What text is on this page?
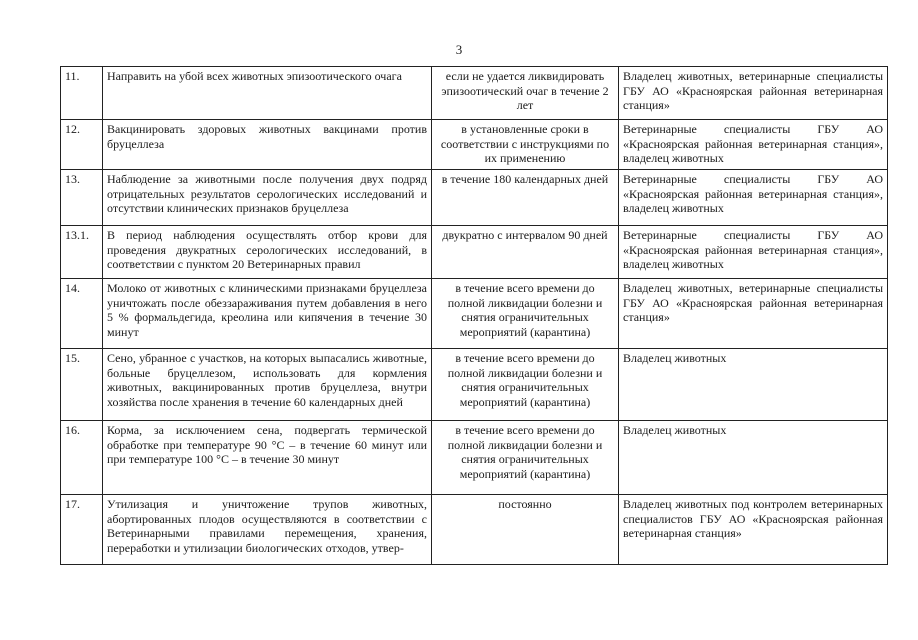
3
11.	Направить на убой всех животных эпизоотического очага	если не удается ликвидировать эпизоотический очаг в течение 2 лет	Владелец животных, ветеринарные специалисты ГБУ АО «Красноярская районная ветеринарная станция»
12.	Вакцинировать здоровых животных вакцинами против бруцеллеза	в установленные сроки в соответствии с инструкциями по их применению	Ветеринарные специалисты ГБУ АО «Красноярская районная ветеринарная станция», владелец животных
13.	Наблюдение за животными после получения двух подряд отрицательных результатов серологических исследований и отсутствии клинических признаков бруцеллеза	в течение 180 календарных дней	Ветеринарные специалисты ГБУ АО «Красноярская районная ветеринарная станция», владелец животных
13.1.	В период наблюдения осуществлять отбор крови для проведения двукратных серологических исследований, в соответствии с пунктом 20 Ветеринарных правил	двукратно с интервалом 90 дней	Ветеринарные специалисты ГБУ АО «Красноярская районная ветеринарная станция», владелец животных
14.	Молоко от животных с клиническими признаками бруцеллеза уничтожать после обеззараживания путем добавления в него 5 % формальдегида, креолина или кипячения в течение 30 минут	в течение всего времени до полной ликвидации болезни и снятия ограничительных мероприятий (карантина)	Владелец животных, ветеринарные специалисты ГБУ АО «Красноярская районная ветеринарная станция»
15.	Сено, убранное с участков, на которых выпасались животные, больные бруцеллезом, использовать для кормления животных, вакцинированных против бруцеллеза, внутри хозяйства после хранения в течение 60 календарных дней	в течение всего времени до полной ликвидации болезни и снятия ограничительных мероприятий (карантина)	Владелец животных
16.	Корма, за исключением сена, подвергать термической обработке при температуре 90 °С – в течение 60 минут или при температуре 100 °С – в течение 30 минут	в течение всего времени до полной ликвидации болезни и снятия ограничительных мероприятий (карантина)	Владелец животных
17.	Утилизация и уничтожение трупов животных, абортированных плодов осуществляются в соответствии с Ветеринарными правилами перемещения, хранения, переработки и утилизации биологических отходов, утвер-	постоянно	Владелец животных под контролем ветеринарных специалистов ГБУ АО «Красноярская районная ветеринарная станция»
